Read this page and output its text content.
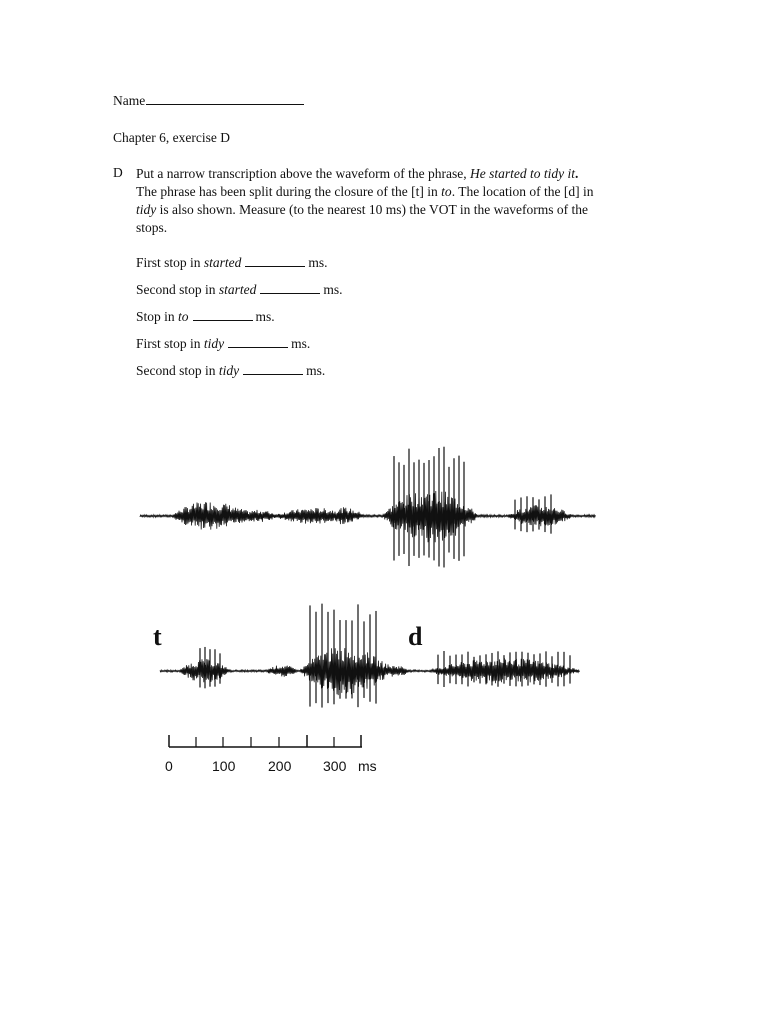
Name
Chapter 6, exercise D
D Put a narrow transcription above the waveform of the phrase, He started to tidy it.
The phrase has been split during the closure of the [t] in to. The location of the [d] in
tidy is also shown. Measure (to the nearest 10 ms) the VOT in the waveforms of the
stops.
First stop in started	ms.
Second stop in started	ms.
Stop in to	ms.
First stop in tidy	ms.
Second stop in tidy	ms.
t	d
0	100 200 300 ms
